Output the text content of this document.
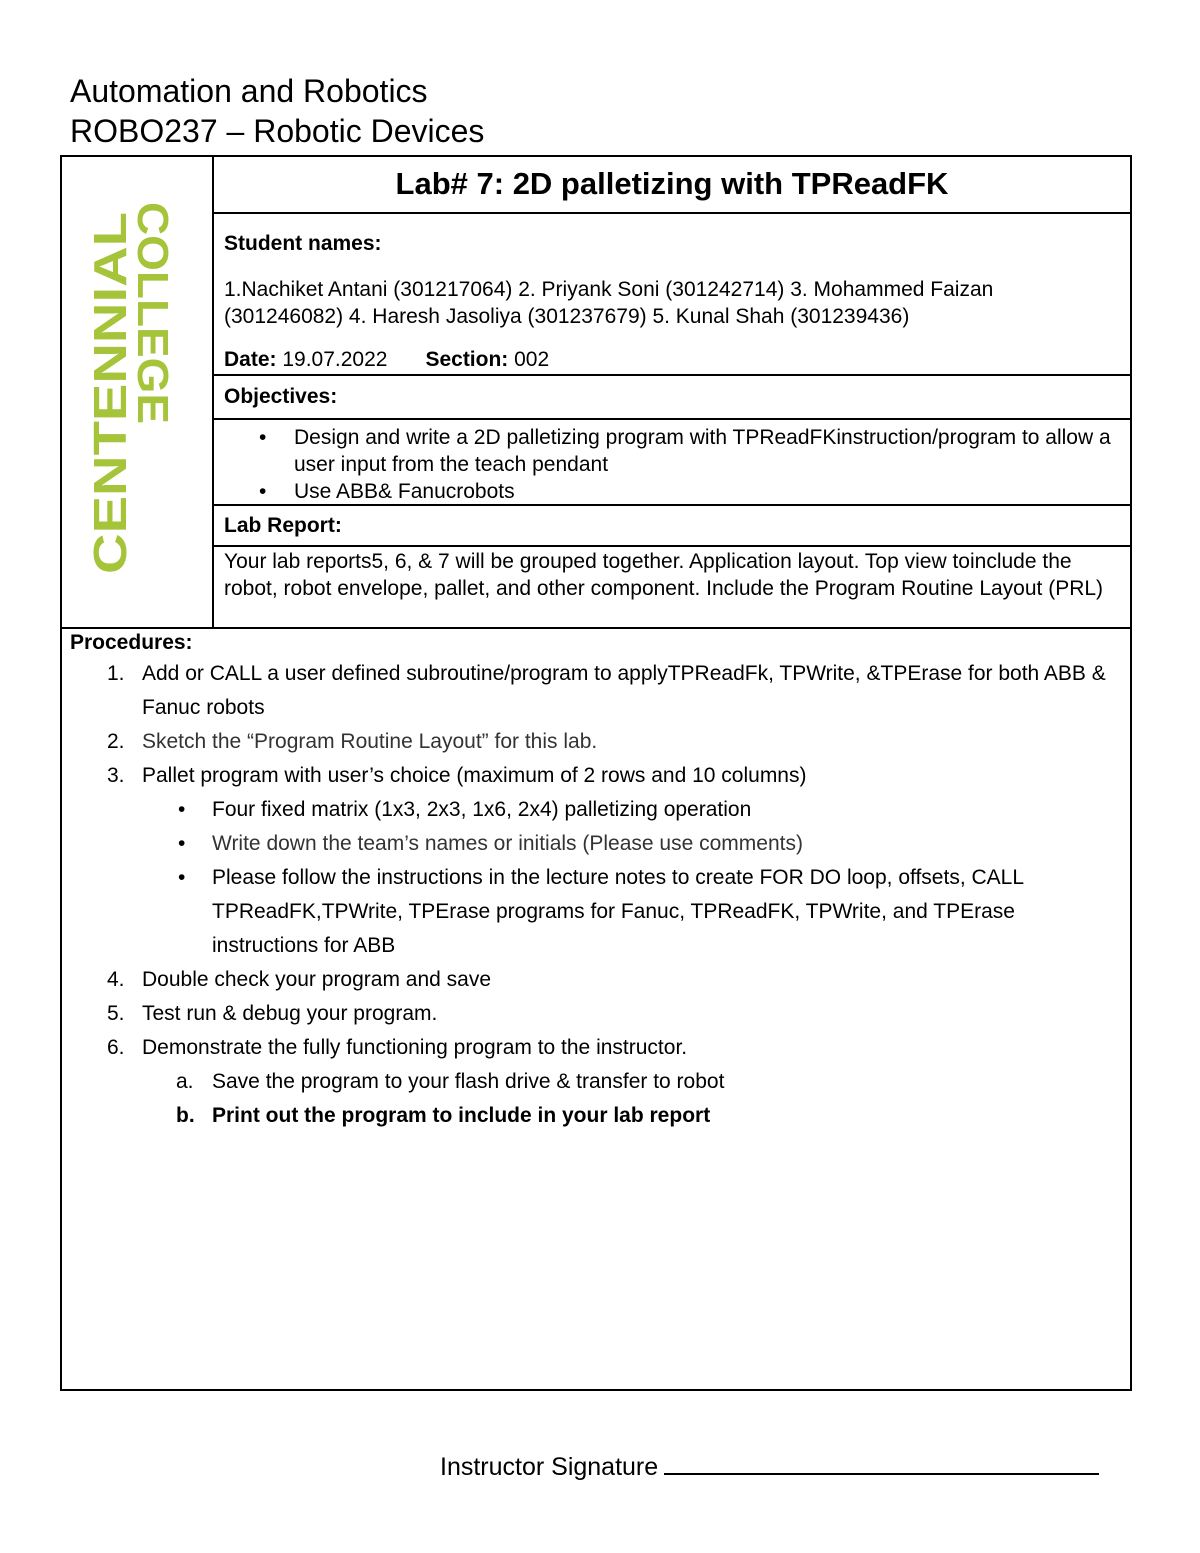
Automation and Robotics
ROBO237 – Robotic Devices
CENTENNIAL
COLLEGE
Lab# 7: 2D palletizing with TPReadFK
Student names:
1.Nachiket Antani (301217064) 2. Priyank Soni (301242714) 3. Mohammed Faizan (301246082) 4. Haresh Jasoliya (301237679) 5. Kunal Shah (301239436)
Date: 19.07.2022 Section: 002
Objectives:
• Design and write a 2D palletizing program with TPReadFKinstruction/program to allow a user input from the teach pendant
• Use ABB& Fanucrobots
Lab Report:
Your lab reports5, 6, & 7 will be grouped together. Application layout. Top view toinclude the robot, robot envelope, pallet, and other component. Include the Program Routine Layout (PRL)
Procedures:
1. Add or CALL a user defined subroutine/program to applyTPReadFk, TPWrite, &TPErase for both ABB & Fanuc robots
2. Sketch the “Program Routine Layout” for this lab.
3. Pallet program with user’s choice (maximum of 2 rows and 10 columns)
• Four fixed matrix (1x3, 2x3, 1x6, 2x4) palletizing operation
• Write down the team’s names or initials (Please use comments)
• Please follow the instructions in the lecture notes to create FOR DO loop, offsets, CALL TPReadFK,TPWrite, TPErase programs for Fanuc, TPReadFK, TPWrite, and TPErase instructions for ABB
4. Double check your program and save
5. Test run & debug your program.
6. Demonstrate the fully functioning program to the instructor.
a. Save the program to your flash drive & transfer to robot
b. Print out the program to include in your lab report
Instructor Signature
